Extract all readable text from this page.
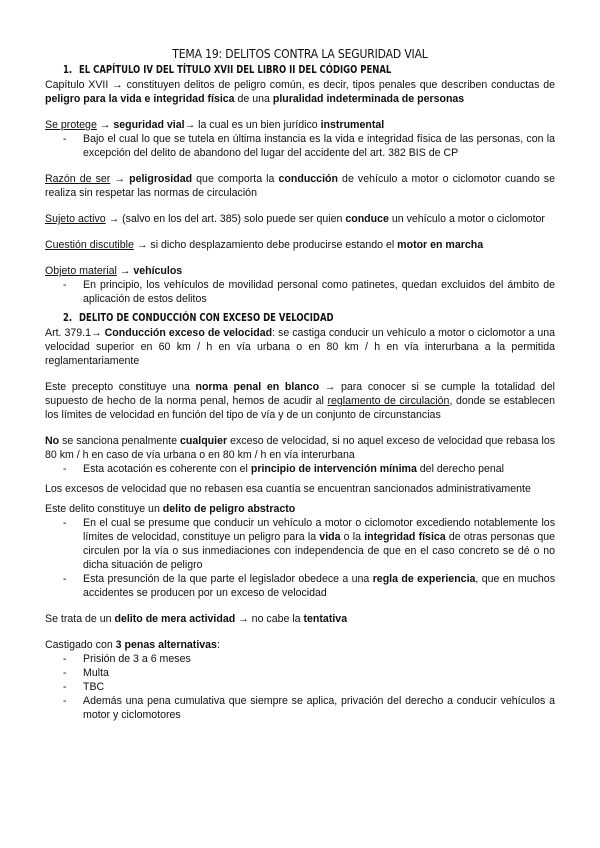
TEMA 19: DELITOS CONTRA LA SEGURIDAD VIAL
1. EL CAPÍTULO IV DEL TÍTULO XVII DEL LIBRO II DEL CÓDIGO PENAL

Capítulo XVII → constituyen delitos de peligro común, es decir, tipos penales que describen conductas de peligro para la vida e integridad física de una pluralidad indeterminada de personas

Se protege → seguridad vial→ la cual es un bien jurídico instrumental

- Bajo el cual lo que se tutela en última instancia es la vida e integridad física de las personas, con la excepción del delito de abandono del lugar del accidente del art. 382 BIS de CP

Razón de ser → peligrosidad que comporta la conducción de vehículo a motor o ciclomotor cuando se realiza sin respetar las normas de circulación

Sujeto activo → (salvo en los del art. 385) solo puede ser quien conduce un vehículo a motor o ciclomotor

Cuestión discutible → si dicho desplazamiento debe producirse estando el motor en marcha

Objeto material → vehículos

- En principio, los vehículos de movilidad personal como patinetes, quedan excluidos del ámbito de aplicación de estos delitos
2. DELITO DE CONDUCCIÓN CON EXCESO DE VELOCIDAD

Art. 379.1→ Conducción exceso de velocidad: se castiga conducir un vehículo a motor o ciclomotor a una velocidad superior en 60 km / h en vía urbana o en 80 km / h en vía interurbana a la permitida reglamentariamente

Este precepto constituye una norma penal en blanco → para conocer si se cumple la totalidad del supuesto de hecho de la norma penal, hemos de acudir al reglamento de circulación, donde se establecen los límites de velocidad en función del tipo de vía y de un conjunto de circunstancias

No se sanciona penalmente cualquier exceso de velocidad, si no aquel exceso de velocidad que rebasa los 80 km / h en caso de vía urbana o en 80 km / h en vía interurbana

- Esta acotación es coherente con el principio de intervención mínima del derecho penal

Los excesos de velocidad que no rebasen esa cuantía se encuentran sancionados administrativamente

Este delito constituye un delito de peligro abstracto

- En el cual se presume que conducir un vehículo a motor o ciclomotor excediendo notablemente los límites de velocidad, constituye un peligro para la vida o la integridad física de otras personas que circulen por la vía o sus inmediaciones con independencia de que en el caso concreto se dé o no dicha situación de peligro
- Esta presunción de la que parte el legislador obedece a una regla de experiencia, que en muchos accidentes se producen por un exceso de velocidad

Se trata de un delito de mera actividad → no cabe la tentativa

Castigado con 3 penas alternativas:

- Prisión de 3 a 6 meses
- Multa
- TBC
- Además una pena cumulativa que siempre se aplica, privación del derecho a conducir vehículos a motor y ciclomotores
